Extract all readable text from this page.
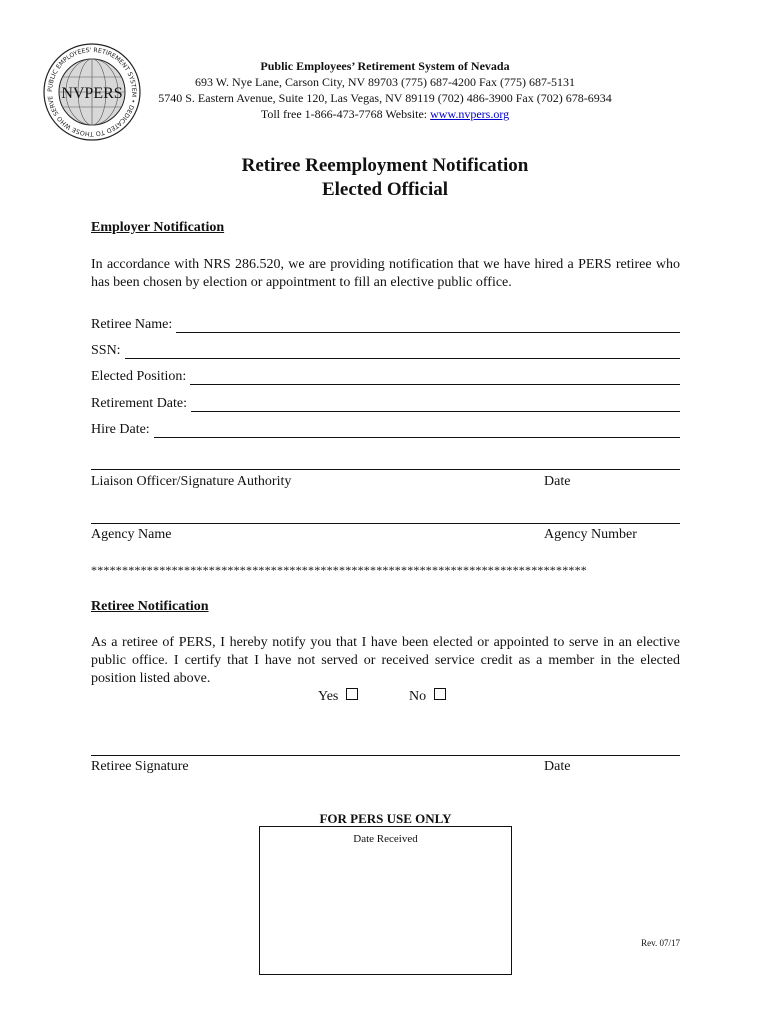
PUBLIC EMPLOYEES' RETIREMENT SYSTEM • DEDICATED TO THOSE WHO SERVE NVPERS
Public Employees’ Retirement System of Nevada
693 W. Nye Lane, Carson City, NV 89703 (775) 687-4200 Fax (775) 687-5131
5740 S. Eastern Avenue, Suite 120, Las Vegas, NV 89119 (702) 486-3900 Fax (702) 678-6934
Toll free 1-866-473-7768 Website: www.nvpers.org
Retiree Reemployment Notification
Elected Official
Employer Notification
In accordance with NRS 286.520, we are providing notification that we have hired a PERS retiree who has been chosen by election or appointment to fill an elective public office.
Retiree Name:
SSN:
Elected Position:
Retirement Date:
Hire Date:
Liaison Officer/Signature Authority	Date
Agency Name	Agency Number
********************************************************************************
Retiree Notification
As a retiree of PERS, I hereby notify you that I have been elected or appointed to serve in an elective public office. I certify that I have not served or received service credit as a member in the elected position listed above.
Yes	No
Retiree Signature	Date
FOR PERS USE ONLY
Date Received
Rev. 07/17
